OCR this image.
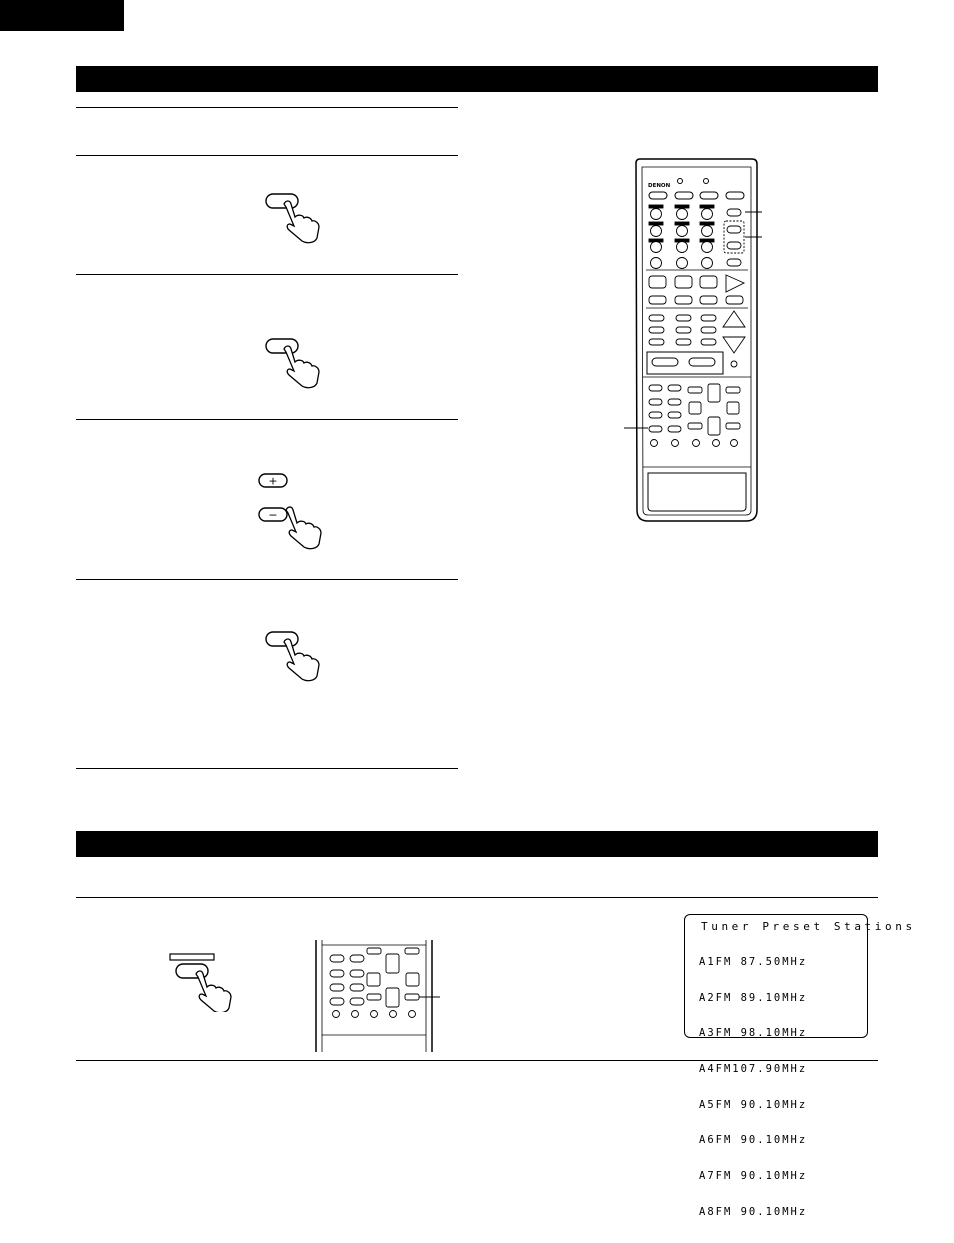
+
−
DENON
Tuner Preset Stations

A1FM 87.50MHz

A2FM 89.10MHz

A3FM 98.10MHz

A4FM107.90MHz

A5FM 90.10MHz

A6FM 90.10MHz

A7FM 90.10MHz

A8FM 90.10MHz
